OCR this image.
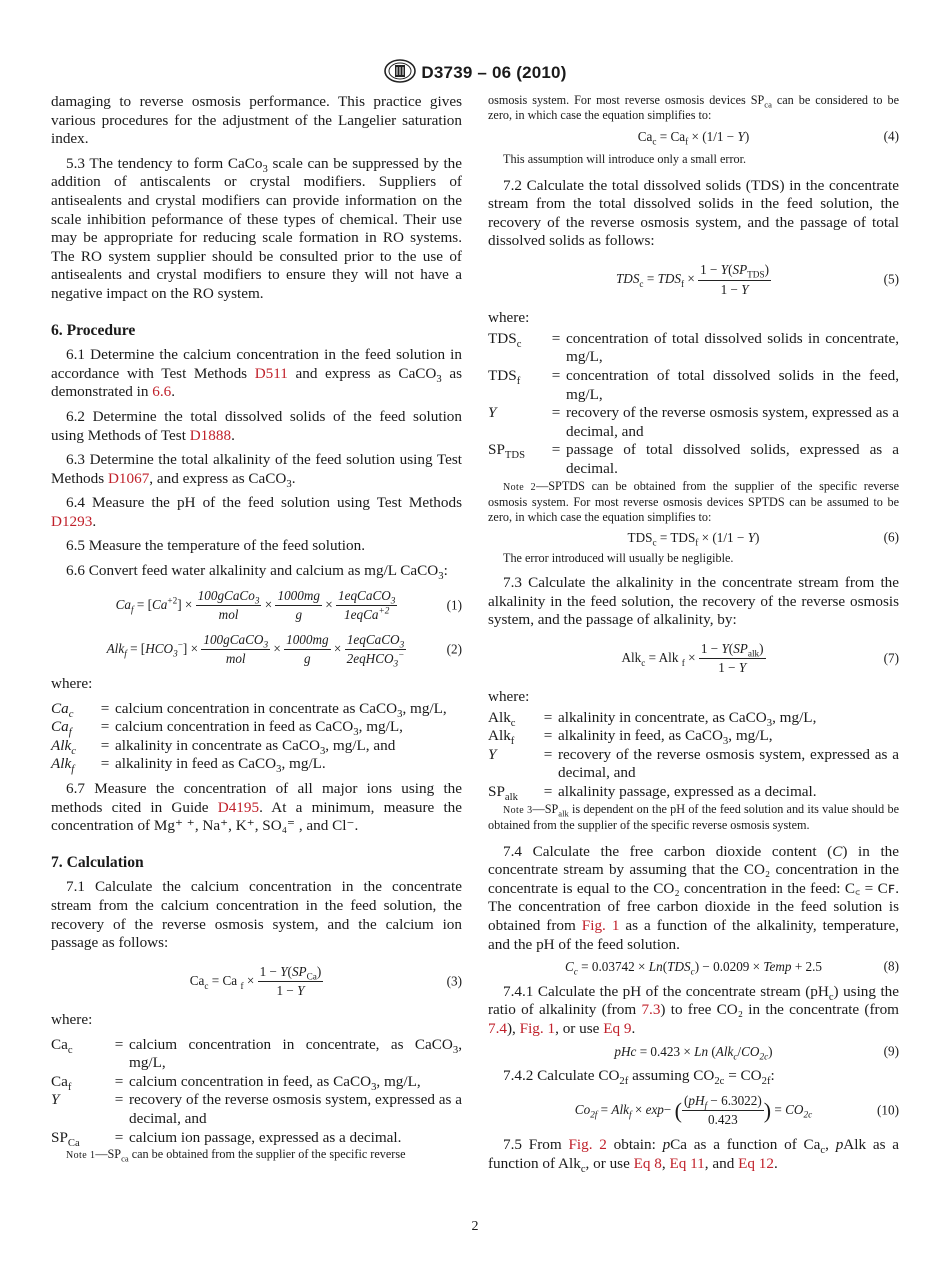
D3739 – 06 (2010)

damaging to reverse osmosis performance. This practice gives various procedures for the adjustment of the Langelier saturation index.

5.3 The tendency to form CaCo$_3$ scale can be suppressed by the addition of antiscalents or crystal modifiers. Suppliers of antisealents and crystal modifiers can provide information on the scale inhibition peformance of these types of chemical. Their use may be appropriate for reducing scale formation in RO systems. The RO system supplier should be consulted prior to the use of antisealents and crystal modifiers to ensure they will not have a negative impact on the RO system.

6. Procedure

6.1 Determine the calcium concentration in the feed solution in accordance with Test Methods D511 and express as CaCO$_3$ as demonstrated in 6.6.

6.2 Determine the total dissolved solids of the feed solution using Methods of Test D1888.

6.3 Determine the total alkalinity of the feed solution using Test Methods D1067, and express as CaCO$_3$.

6.4 Measure the pH of the feed solution using Test Methods D1293.

6.5 Measure the temperature of the feed solution.

6.6 Convert feed water alkalinity and calcium as mg/L CaCO$_3$:

$Ca_f = [Ca^{+2}] \times \frac{100gCaCo_3}{\text{mol}} \times \frac{1000mg}{g} \times \frac{1eqCaCO_3}{1eqCa^{+2}}$	(1)
$Alk_f = [HCO_3^-] \times \frac{100gCaCO_3}{\text{mol}} \times \frac{1000mg}{g} \times \frac{1eqCaCO_3}{2eqHCO_3^-}$	(2)

where:

$Ca_c$	=	calcium concentration in concentrate as CaCO$_3$, mg/L,
$Ca_f$	=	calcium concentration in feed as CaCO$_3$, mg/L,
Alk$_c$	=	alkalinity in concentrate as CaCO$_3$, mg/L, and
Alk$_f$	=	alkalinity in feed as CaCO$_3$, mg/L.

6.7 Measure the concentration of all major ions using the methods cited in Guide D4195. At a minimum, measure the concentration of Mg⁺ ⁺, Na⁺, K⁺, SO₄⁼ , and Cl⁻.

7. Calculation

7.1 Calculate the calcium concentration in the concentrate stream from the calcium concentration in the feed solution, the recovery of the reverse osmosis system, and the calcium ion passage as follows:

$Ca_c = Ca$ $_f \times \frac{1 - Y(SP_{Ca})}{1 - Y}$	(3)

where:

$Ca_c$	=	calcium concentration in concentrate, as CaCO$_3$, mg/L,
$Ca_f$	=	calcium concentration in feed, as CaCO$_3$, mg/L,
Y	=	recovery of the reverse osmosis system, expressed as a decimal, and
$SP_{Ca}$	=	calcium ion passage, expressed as a decimal.

Note $1—SP_{ca}$ can be obtained from the supplier of the specific reverse

osmosis system. For most reverse osmosis devices $SP_{ca}$ can be considered to be zero, in which case the equation simplifies to:

$Ca_c = Ca_f \times (1/1 - Y)$	(4)

This assumption will introduce only a small error.

7.2 Calculate the total dissolved solids (TDS) in the concentrate stream from the total dissolved solids in the feed solution, the recovery of the reverse osmosis system, and the passage of total dissolved solids as follows:

$TDS_c = TDS_f \times \frac{1 - Y(SP_{TDS})}{1 - Y}$	(5)

where:

$TDS_c$	=	concentration of total dissolved solids in concentrate, mg/L,
$TDS_f$	=	concentration of total dissolved solids in the feed, mg/L,
Y	=	recovery of the reverse osmosis system, expressed as a decimal, and
$SP_{TDS}$	=	passage of total dissolved solids, expressed as a decimal.

Note 2—SPTDS can be obtained from the supplier of the specific reverse osmosis system. For most reverse osmosis devices SPTDS can be assumed to be zero, in which case the equation simplifies to:

$TDS_c = TDS_f \times (1/1 - Y)$	(6)

The error introduced will usually be negligible.

7.3 Calculate the alkalinity in the concentrate stream from the alkalinity in the feed solution, the recovery of the reverse osmosis system, and the passage of alkalinity, by:

Alk$_c$ = Alk $_f \times \frac{1 - Y(SP_{alk})}{1 - Y}$	(7)

where:

Alk$_c$	=	alkalinity in concentrate, as CaCO$_3$, mg/L,
Alk$_f$	=	alkalinity in feed, as CaCO$_3$, mg/L,
Y	=	recovery of the reverse osmosis system, expressed as a decimal, and
$SP_{alk}$	=	alkalinity passage, expressed as a decimal.

Note $3—SP_{alk}$ is dependent on the pH of the feed solution and its value should be obtained from the supplier of the specific reverse osmosis system.

7.4 Calculate the free carbon dioxide content (C) in the concentrate stream by assuming that the CO₂ concentration in the concentrate is equal to the CO₂ concentration in the feed: C꜀ = Cꜰ. The concentration of free carbon dioxide in the feed solution is obtained from Fig. 1 as a function of the alkalinity, temperature, and the pH of the feed solution.

$C_c = 0.03742 \times Ln(TDS_c) - 0.0209$ × Temp + 2.5	(8)

7.4.1 Calculate the pH of the concentrate stream $(pH_c)$ using the ratio of alkalinity (from 7.3) to free CO₂ in the concentrate (from 7.4), Fig. 1, or use Eq 9.

pHc = 0.423 × Ln $(Alk_c/CO_{2c})$	(9)

7.4.2 Calculate $CO_{2f}$ assuming $CO_{2c} = CO_{2f}$:

$Co_{2f} = Alk_f \times \exp-$ ( $\frac{(pH_f - 6.3022)}{0.423}$ ) = $CO_{2c}$	(10)

7.5 From Fig. 2 obtain: pCa as a function of $Ca_c$, pAlk as a function of Alk$_c$, or use Eq 8, Eq 11, and Eq 12.

2
